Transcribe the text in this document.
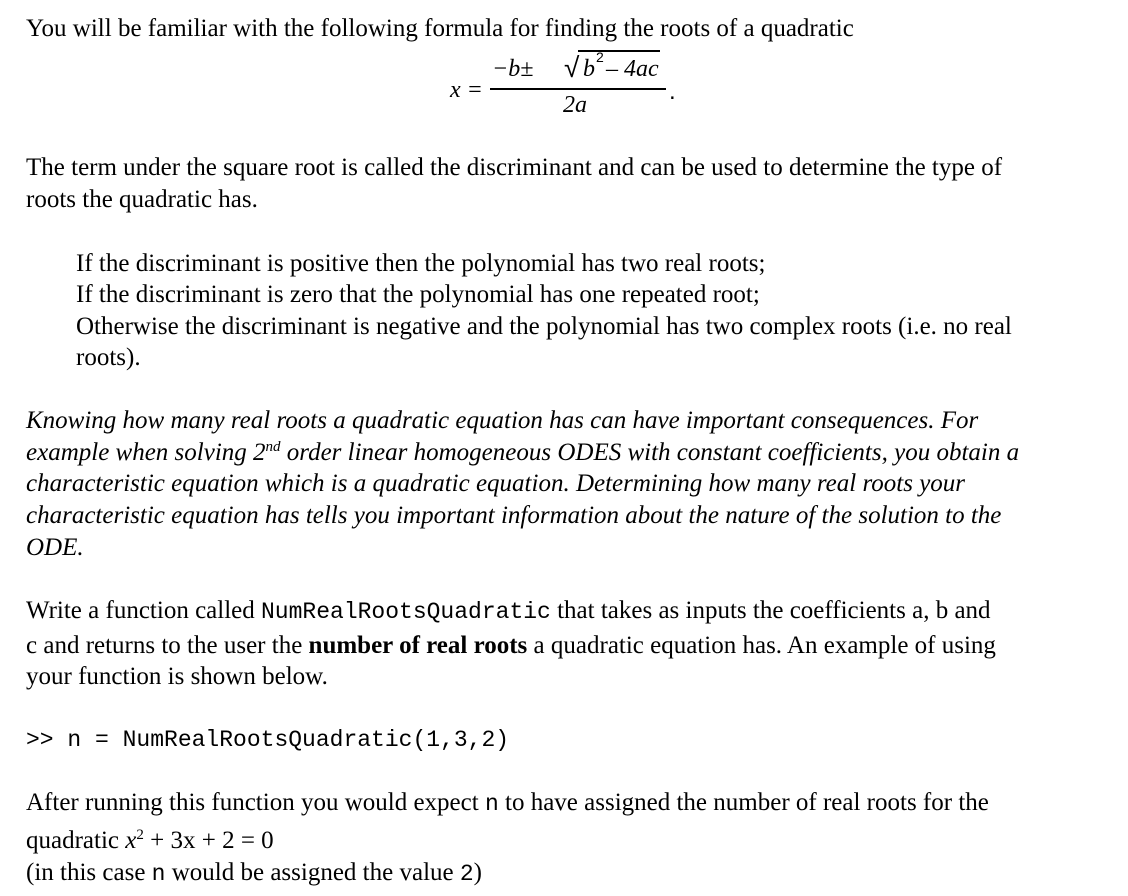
You will be familiar with the following formula for finding the roots of a quadratic
x =
−b± √ b 2 – 4ac
2a	.
The term under the square root is called the discriminant and can be used to determine the type of
roots the quadratic has.
If the discriminant is positive then the polynomial has two real roots;
If the discriminant is zero that the polynomial has one repeated root;
Otherwise the discriminant is negative and the polynomial has two complex roots (i.e. no real
roots).
Knowing how many real roots a quadratic equation has can have important consequences. For
example when solving 2nd order linear homogeneous ODES with constant coefficients, you obtain a
characteristic equation which is a quadratic equation. Determining how many real roots your
characteristic equation has tells you important information about the nature of the solution to the
ODE.
Write a function called NumRealRootsQuadratic that takes as inputs the coefficients a, b and
c and returns to the user the number of real roots a quadratic equation has. An example of using
your function is shown below.
>> n = NumRealRootsQuadratic(1,3,2)
After running this function you would expect n to have assigned the number of real roots for the
quadratic $x^2 + 3x + 2 = 0$
(in this case n would be assigned the value 2)
